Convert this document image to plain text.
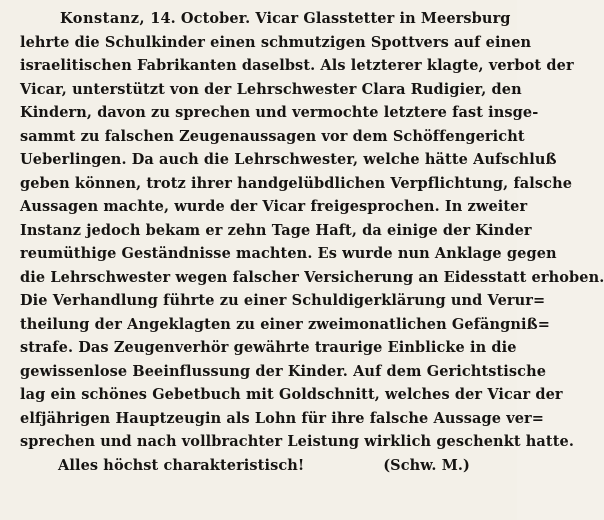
Konstanz, 14. October. Vicar Glasstetter in Meersburg
lehrte die Schulkinder einen schmutzigen Spottvers auf einen
israelitischen Fabrikanten daselbst. Als letzterer klagte, verbot der
Vicar, unterstützt von der Lehrschwester Clara Rudigier, den
Kindern, davon zu sprechen und vermochte letztere fast insge-
sammt zu falschen Zeugenaussagen vor dem Schöffengericht
Ueberlingen. Da auch die Lehrschwester, welche hätte Aufschluß
geben können, trotz ihrer handgelübdlichen Verpflichtung, falsche
Aussagen machte, wurde der Vicar freigesprochen. In zweiter
Instanz jedoch bekam er zehn Tage Haft, da einige der Kinder
reumüthige Geständnisse machten. Es wurde nun Anklage gegen
die Lehrschwester wegen falscher Versicherung an Eidesstatt erhoben.
Die Verhandlung führte zu einer Schuldigerklärung und Verur=
theilung der Angeklagten zu einer zweimonatlichen Gefängniß=
strafe. Das Zeugenverhör gewährte traurige Einblicke in die
gewissenlose Beeinflussung der Kinder. Auf dem Gerichtstische
lag ein schönes Gebetbuch mit Goldschnitt, welches der Vicar der
elfjährigen Hauptzeugin als Lohn für ihre falsche Aussage ver=
sprechen und nach vollbrachter Leistung wirklich geschenkt hatte.
Alles höchst charakteristisch!	(Schw. M.)
